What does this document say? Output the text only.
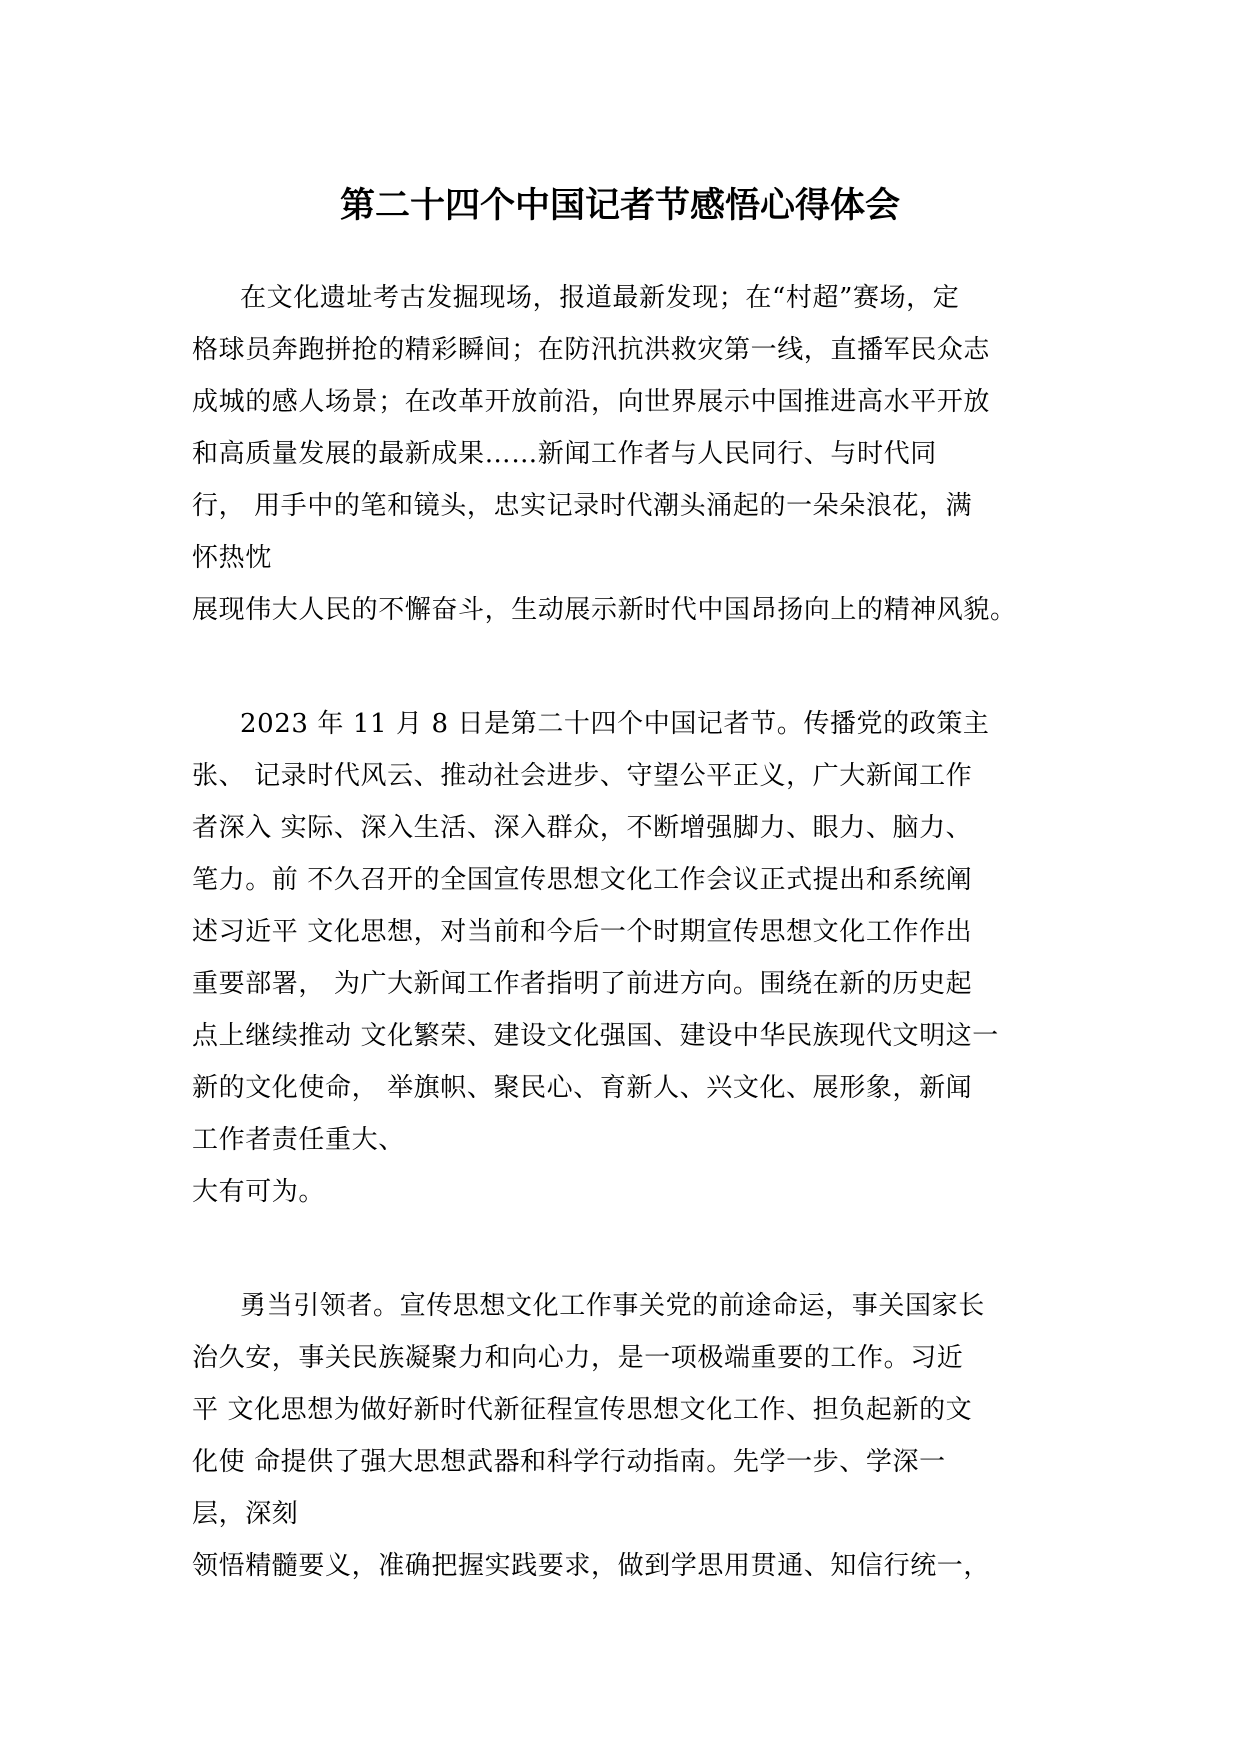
第二十四个中国记者节感悟心得体会
在文化遗址考古发掘现场，报道最新发现；在“村超”赛场，定
格球员奔跑拼抢的精彩瞬间；在防汛抗洪救灾第一线，直播军民众志
成城的感人场景；在改革开放前沿，向世界展示中国推进高水平开放
和高质量发展的最新成果……新闻工作者与人民同行、与时代同
行， 用手中的笔和镜头，忠实记录时代潮头涌起的一朵朵浪花，满
怀热忱
展现伟大人民的不懈奋斗，生动展示新时代中国昂扬向上的精神风貌。
2023 年 11 月 8 日是第二十四个中国记者节。传播党的政策主
张、 记录时代风云、推动社会进步、守望公平正义，广大新闻工作
者深入 实际、深入生活、深入群众，不断增强脚力、眼力、脑力、
笔力。前 不久召开的全国宣传思想文化工作会议正式提出和系统阐
述习近平 文化思想，对当前和今后一个时期宣传思想文化工作作出
重要部署， 为广大新闻工作者指明了前进方向。围绕在新的历史起
点上继续推动 文化繁荣、建设文化强国、建设中华民族现代文明这一
新的文化使命， 举旗帜、聚民心、育新人、兴文化、展形象，新闻
工作者责任重大、
大有可为。
勇当引领者。宣传思想文化工作事关党的前途命运，事关国家长
治久安，事关民族凝聚力和向心力，是一项极端重要的工作。习近
平 文化思想为做好新时代新征程宣传思想文化工作、担负起新的文
化使 命提供了强大思想武器和科学行动指南。先学一步、学深一
层，深刻
领悟精髓要义，准确把握实践要求，做到学思用贯通、知信行统一，
